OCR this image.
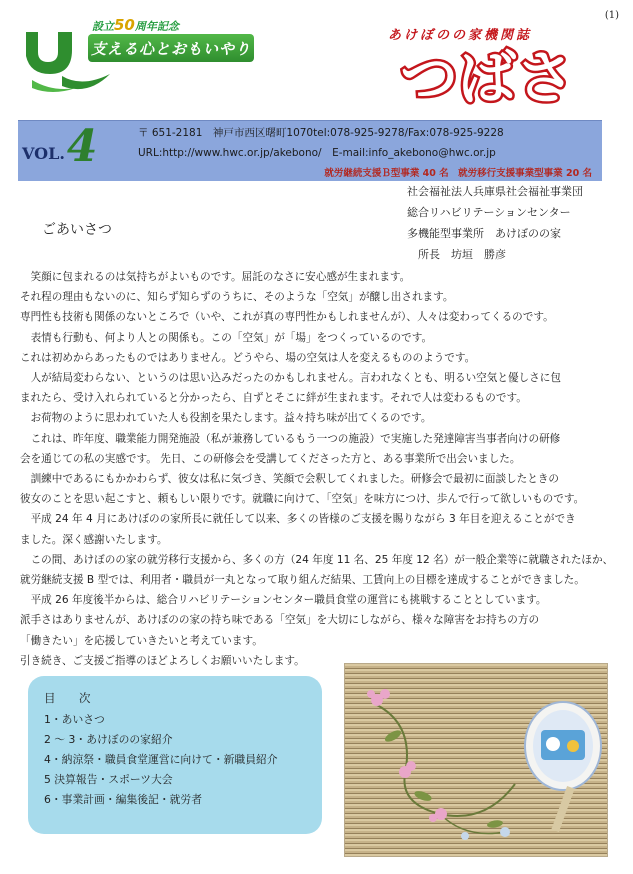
(1)
設立50周年記念
支える心とおもいやり
あけぼのの家機関誌
つばさ
VOL. 4	〒 651-2181　神戸市西区曙町1070tel:078-925-9278/Fax:078-925-9228
URL:http://www.hwc.or.jp/akebono/　E-mail:info_akebono@hwc.or.jp
就労継続支援Ｂ型事業 40 名　就労移行支援事業型事業 20 名
社会福祉法人兵庫県社会福祉事業団
総合リハビリテーションセンター
多機能型事業所　あけぼのの家
　所長　坊垣　勝彦
ごあいさつ

　笑顔に包まれるのは気持ちがよいものです。屈託のなさに安心感が生まれます。

それ程の理由もないのに、知らず知らずのうちに、そのような「空気」が醸し出されます。

専門性も技術も関係のないところで（いや、これが真の専門性かもしれませんが）、人々は変わってくるのです。

　表情も行動も、何より人との関係も。この「空気」が「場」をつくっているのです。

これは初めからあったものではありません。どうやら、場の空気は人を変えるもののようです。

　人が結局変わらない、というのは思い込みだったのかもしれません。言われなくとも、明るい空気と優しさに包

まれたら、受け入れられていると分かったら、自ずとそこに絆が生まれます。それで人は変わるものです。

　お荷物のように思われていた人も役割を果たします。益々持ち味が出てくるのです。

　これは、昨年度、職業能力開発施設（私が兼務しているもう一つの施設）で実施した発達障害当事者向けの研修

会を通じての私の実感です。 先日、この研修会を受講してくださった方と、ある事業所で出会いました。

　訓練中であるにもかかわらず、彼女は私に気づき、笑顔で会釈してくれました。研修会で最初に面談したときの

彼女のことを思い起こすと、頼もしい限りです。就職に向けて、「空気」を味方につけ、歩んで行って欲しいものです。

　平成 24 年 4 月にあけぼのの家所長に就任して以来、多くの皆様のご支援を賜りながら 3 年目を迎えることができ

ました。深く感謝いたします。

　この間、あけぼのの家の就労移行支援から、多くの方（24 年度 11 名、25 年度 12 名）が一般企業等に就職されたほか、

就労継続支援 B 型では、利用者・職員が一丸となって取り組んだ結果、工賃向上の目標を達成することができました。

　平成 26 年度後半からは、総合リハビリテーションセンター職員食堂の運営にも挑戦することとしています。

派手さはありませんが、あけぼのの家の持ち味である「空気」を大切にしながら、様々な障害をお持ちの方の

「働きたい」を応援していきたいと考えています。

引き続き、ご支援ご指導のほどよろしくお願いいたします。

目　次
1・あいさつ
2 ～ 3・あけぼのの家紹介
4・納涼祭・職員食堂運営に向けて・新職員紹介
5 決算報告・スポーツ大会
6・事業計画・編集後記・就労者
